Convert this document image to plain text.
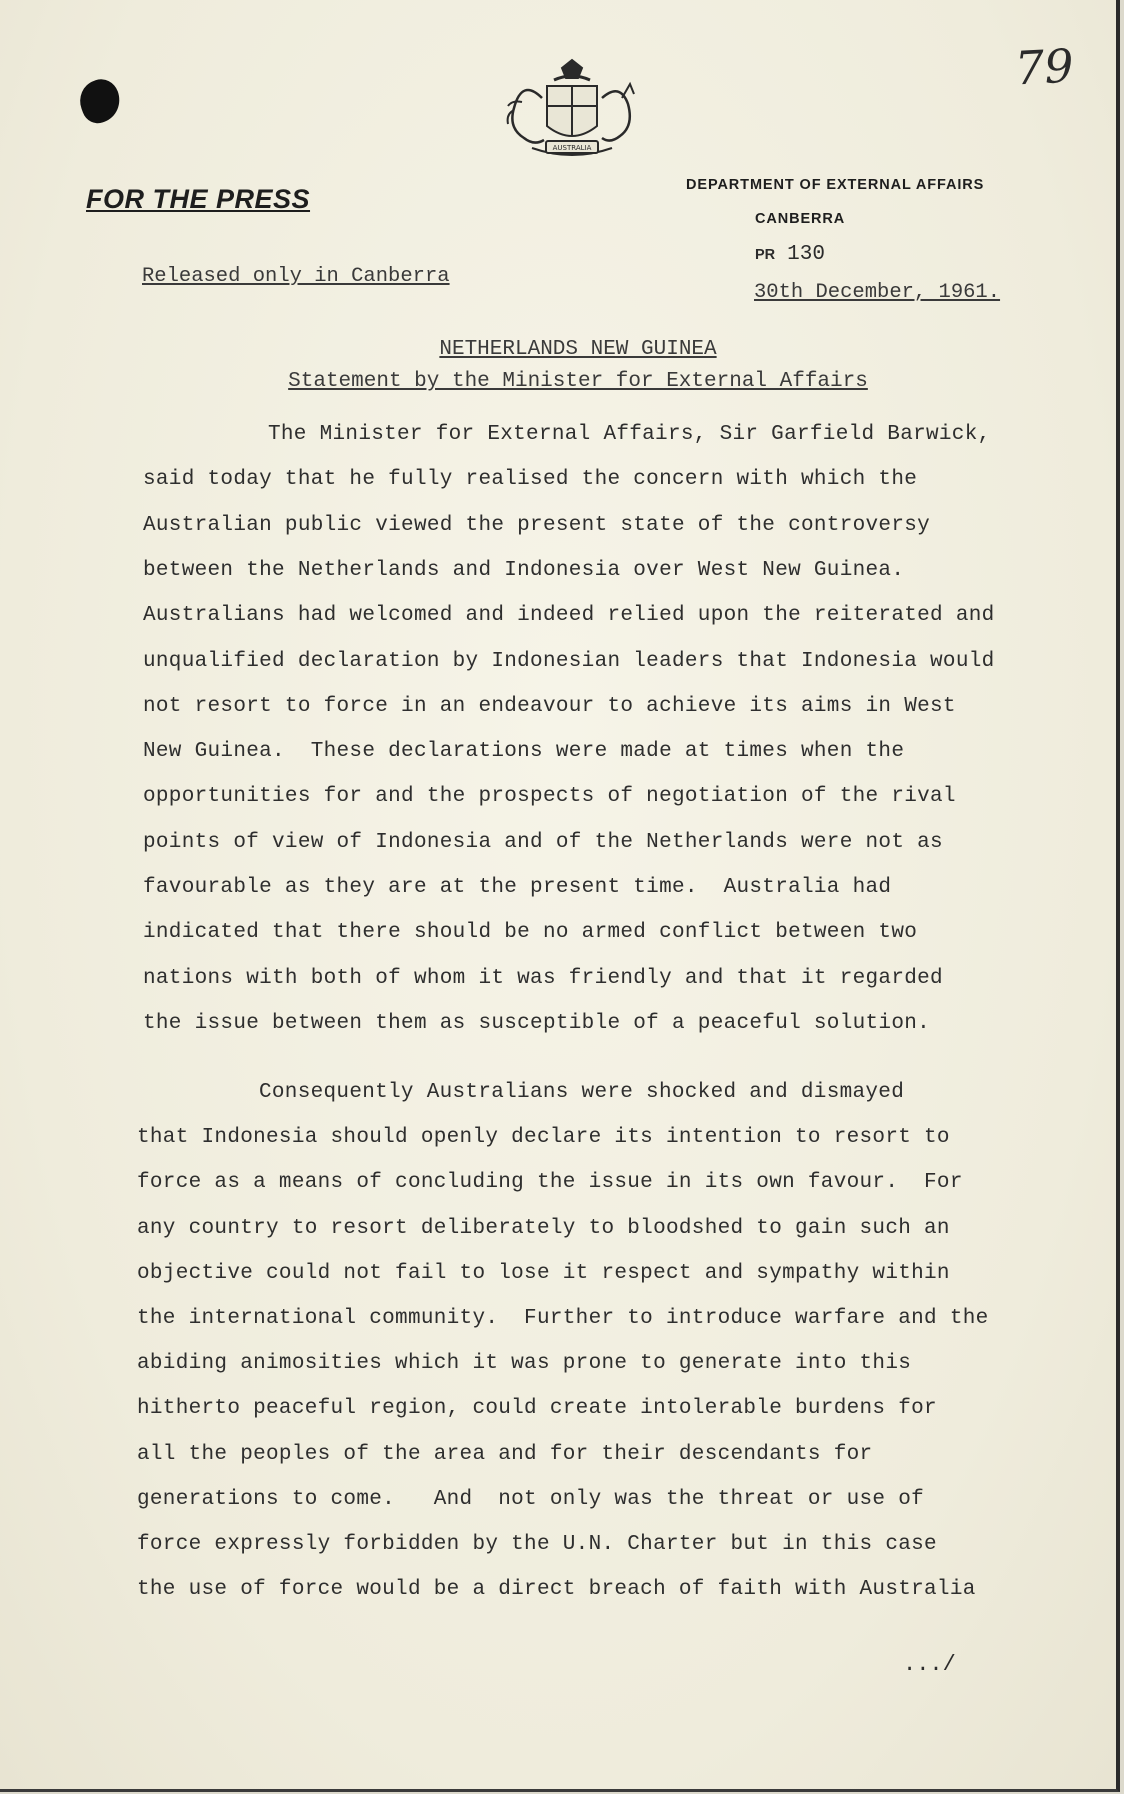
79
AUSTRALIA
FOR THE PRESS	DEPARTMENT OF EXTERNAL AFFAIRS
CANBERRA
PR 130
Released only in Canberra
30th December, 1961.
NETHERLANDS NEW GUINEA
Statement by the Minister for External Affairs
The Minister for External Affairs, Sir Garfield Barwick,
said today that he fully realised the concern with which the
Australian public viewed the present state of the controversy
between the Netherlands and Indonesia over West New Guinea.
Australians had welcomed and indeed relied upon the reiterated and
unqualified declaration by Indonesian leaders that Indonesia would
not resort to force in an endeavour to achieve its aims in West
New Guinea.  These declarations were made at times when the
opportunities for and the prospects of negotiation of the rival
points of view of Indonesia and of the Netherlands were not as
favourable as they are at the present time.  Australia had
indicated that there should be no armed conflict between two
nations with both of whom it was friendly and that it regarded
the issue between them as susceptible of a peaceful solution.
Consequently Australians were shocked and dismayed
that Indonesia should openly declare its intention to resort to
force as a means of concluding the issue in its own favour.  For
any country to resort deliberately to bloodshed to gain such an
objective could not fail to lose it respect and sympathy within
the international community.  Further to introduce warfare and the
abiding animosities which it was prone to generate into this
hitherto peaceful region, could create intolerable burdens for
all the peoples of the area and for their descendants for
generations to come.   And  not only was the threat or use of
force expressly forbidden by the U.N. Charter but in this case
the use of force would be a direct breach of faith with Australia
.../
